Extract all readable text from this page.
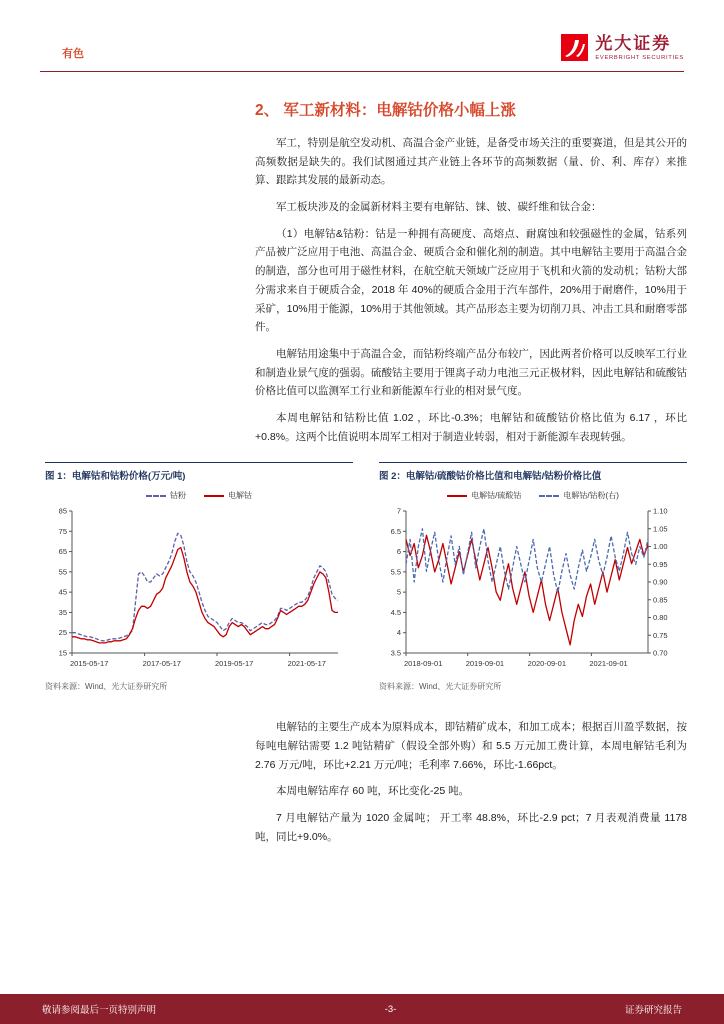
有色
光大证券
EVERBRIGHT SECURITIES
2、 军工新材料：电解钴价格小幅上涨

军工，特别是航空发动机、高温合金产业链，是备受市场关注的重要赛道，但是其公开的高频数据是缺失的。我们试图通过其产业链上各环节的高频数据（量、价、利、库存）来推算、跟踪其发展的最新动态。

军工板块涉及的金属新材料主要有电解钴、铼、铍、碳纤维和钛合金：

（1）电解钴&钴粉：钴是一种拥有高硬度、高熔点、耐腐蚀和较强磁性的金属，钴系列产品被广泛应用于电池、高温合金、硬质合金和催化剂的制造。其中电解钴主要用于高温合金的制造，部分也可用于磁性材料，在航空航天领域广泛应用于飞机和火箭的发动机；钴粉大部分需求来自于硬质合金，2018 年 40%的硬质合金用于汽车部件，20%用于耐磨件，10%用于采矿，10%用于能源，10%用于其他领域。其产品形态主要为切削刀具、冲击工具和耐磨零部件。

电解钴用途集中于高温合金，而钴粉终端产品分布较广，因此两者价格可以反映军工行业和制造业景气度的强弱。硫酸钴主要用于锂离子动力电池三元正极材料，因此电解钴和硫酸钴价格比值可以监测军工行业和新能源车行业的相对景气度。

本周电解钴和钴粉比值 1.02 ，环比-0.3%；电解钴和硫酸钴价格比值为 6.17 ，环比+0.8%。这两个比值说明本周军工相对于制造业转弱，相对于新能源车表现转强。

图 1：电解钴和钴粉价格(万元/吨)
钴粉	电解钴
15
25
35
45
55
65
75
85
2015-05-17	2017-05-17	2019-05-17	2021-05-17
资料来源：Wind、光大证券研究所
图 2：电解钴/硫酸钴价格比值和电解钴/钴粉价格比值
电解钴/硫酸钴	电解钴/钴粉(右)
3.5
4
4.5
5
5.5
6
6.5
7
0.70
0.75
0.80
0.85
0.90
0.95
1.00
1.05
1.10
2018-09-01	2019-09-01	2020-09-01	2021-09-01
资料来源：Wind、光大证券研究所

电解钴的主要生产成本为原料成本，即钴精矿成本，和加工成本；根据百川盈孚数据，按每吨电解钴需要 1.2 吨钴精矿（假设全部外购）和 5.5 万元加工费计算，本周电解钴毛利为 2.76 万元/吨，环比+2.21 万元/吨；毛利率 7.66%，环比-1.66pct。

本周电解钴库存 60 吨，环比变化-25 吨。

7 月电解钴产量为 1020 金属吨； 开工率 48.8%，环比-2.9 pct；7 月表观消费量 1178 吨，同比+9.0%。

敬请参阅最后一页特别声明	-3-	证券研究报告
